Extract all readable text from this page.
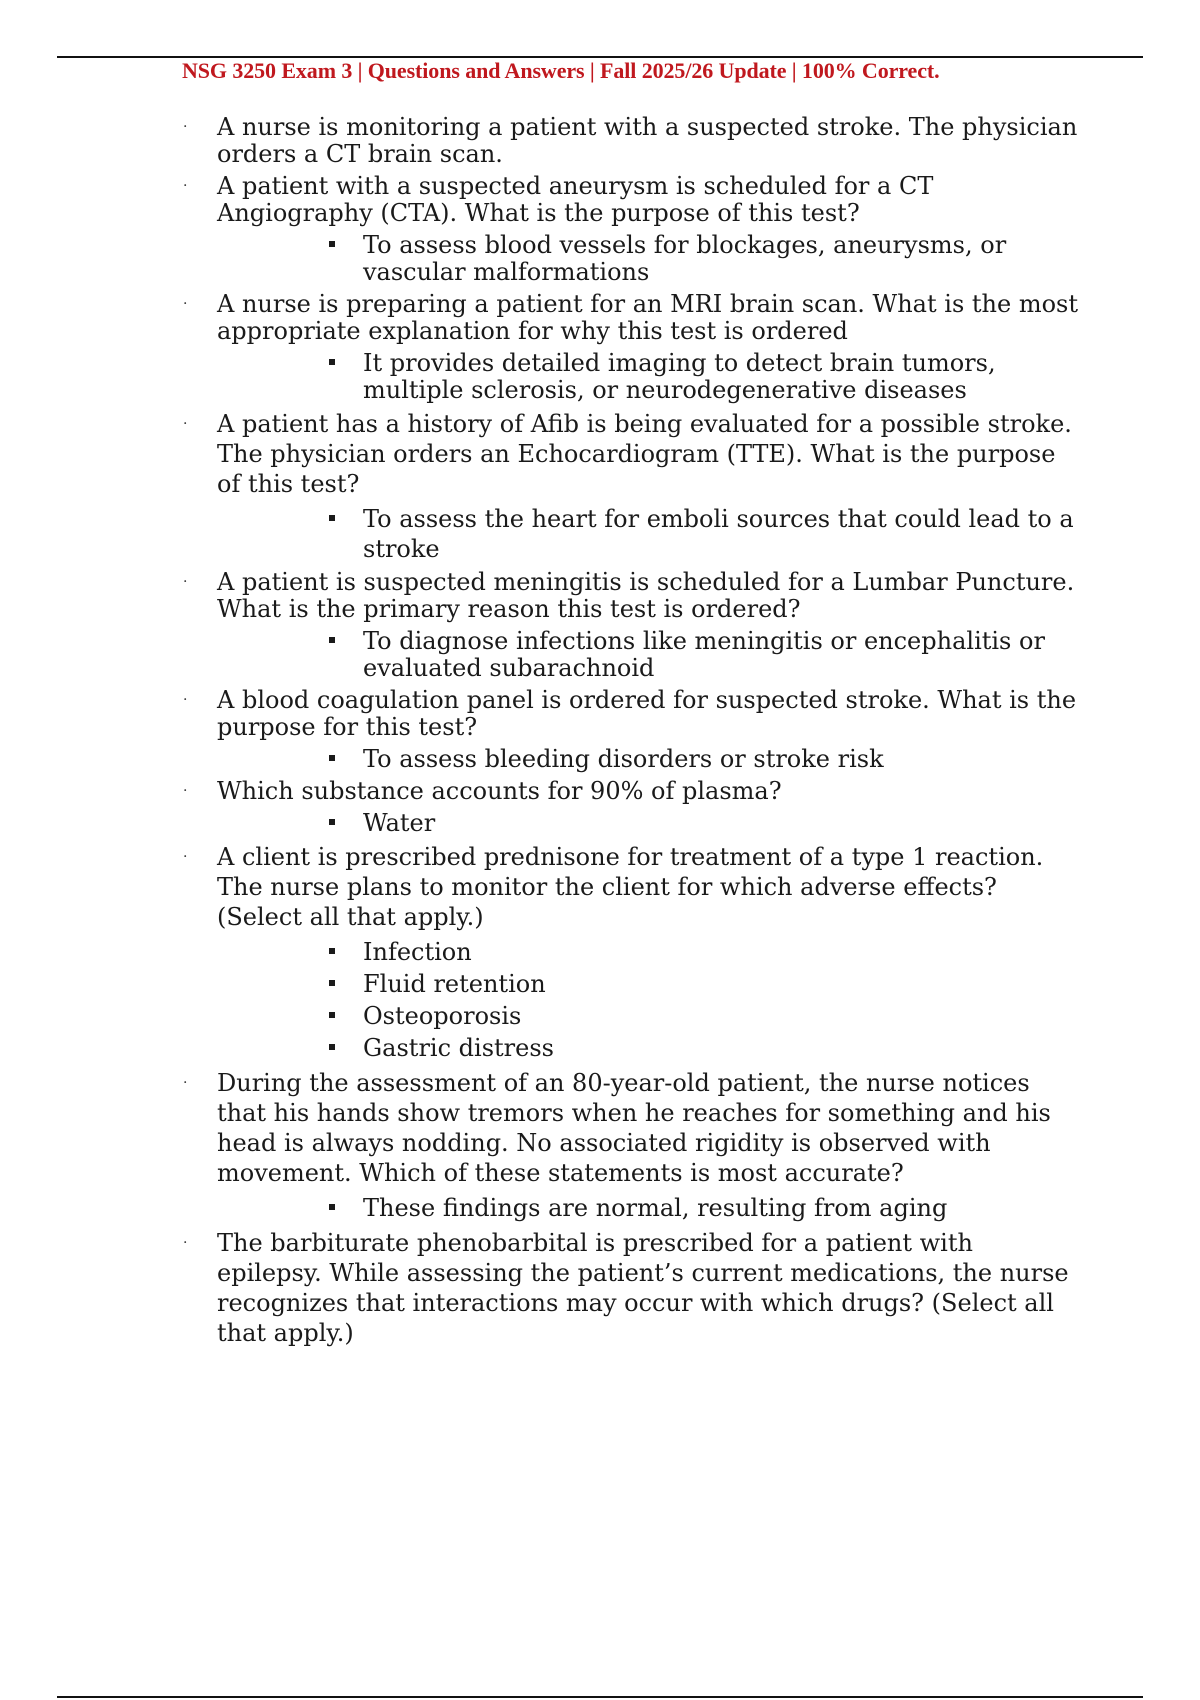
NSG 3250 Exam 3 | Questions and Answers | Fall 2025/26 Update | 100% Correct.
· A nurse is monitoring a patient with a suspected stroke. The physician orders a CT brain scan.
· A patient with a suspected aneurysm is scheduled for a CT Angiography (CTA). What is the purpose of this test?
To assess blood vessels for blockages, aneurysms, or vascular malformations
· A nurse is preparing a patient for an MRI brain scan. What is the most appropriate explanation for why this test is ordered
It provides detailed imaging to detect brain tumors, multiple sclerosis, or neurodegenerative diseases
· A patient has a history of Afib is being evaluated for a possible stroke. The physician orders an Echocardiogram (TTE). What is the purpose of this test?
To assess the heart for emboli sources that could lead to a stroke
· A patient is suspected meningitis is scheduled for a Lumbar Puncture. What is the primary reason this test is ordered?
To diagnose infections like meningitis or encephalitis or evaluated subarachnoid
· A blood coagulation panel is ordered for suspected stroke. What is the purpose for this test?
To assess bleeding disorders or stroke risk
· Which substance accounts for 90% of plasma?
Water
· A client is prescribed prednisone for treatment of a type 1 reaction. The nurse plans to monitor the client for which adverse effects? (Select all that apply.)
Infection
Fluid retention
Osteoporosis
Gastric distress
· During the assessment of an 80-year-old patient, the nurse notices that his hands show tremors when he reaches for something and his head is always nodding. No associated rigidity is observed with movement. Which of these statements is most accurate?
These findings are normal, resulting from aging
· The barbiturate phenobarbital is prescribed for a patient with epilepsy. While assessing the patient’s current medications, the nurse recognizes that interactions may occur with which drugs? (Select all that apply.)
